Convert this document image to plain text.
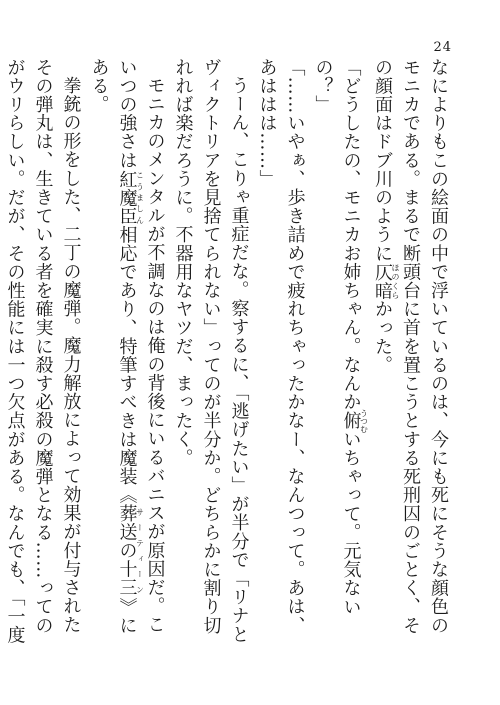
24

なによりもこの絵面の中で浮いているのは、今にも死にそうな顔色のモニカである。まるで断頭台に首を置こうとする死刑囚のごとく、その顔面はドブ川のように仄暗ほのくらかった。

「どうしたの、モニカお姉ちゃん。なんか俯うつむいちゃって。元気ないの？」

「……いやぁ、歩き詰めで疲れちゃったかなー、なんつって。あは、あははは……」

うーん、こりゃ重症だな。察するに、「逃げたい」が半分で「リナとヴィクトリアを見捨てられない」ってのが半分か。どちらかに割り切れれば楽だろうに。不器用なヤツだ、まったく。

モニカのメンタルが不調なのは俺の背後にいるバニスが原因だ。こいつの強さは紅魔臣こうましん相応であり、特筆すべきは魔装《葬送の十三サーティーン》にある。

拳銃の形をした、二丁の魔弾。魔力解放によって効果が付与されたその弾丸は、生きている者を確実に殺す必殺の魔弾となる……ってのがウリらしい。だが、その性能には一つ欠点がある。なんでも、「一度
